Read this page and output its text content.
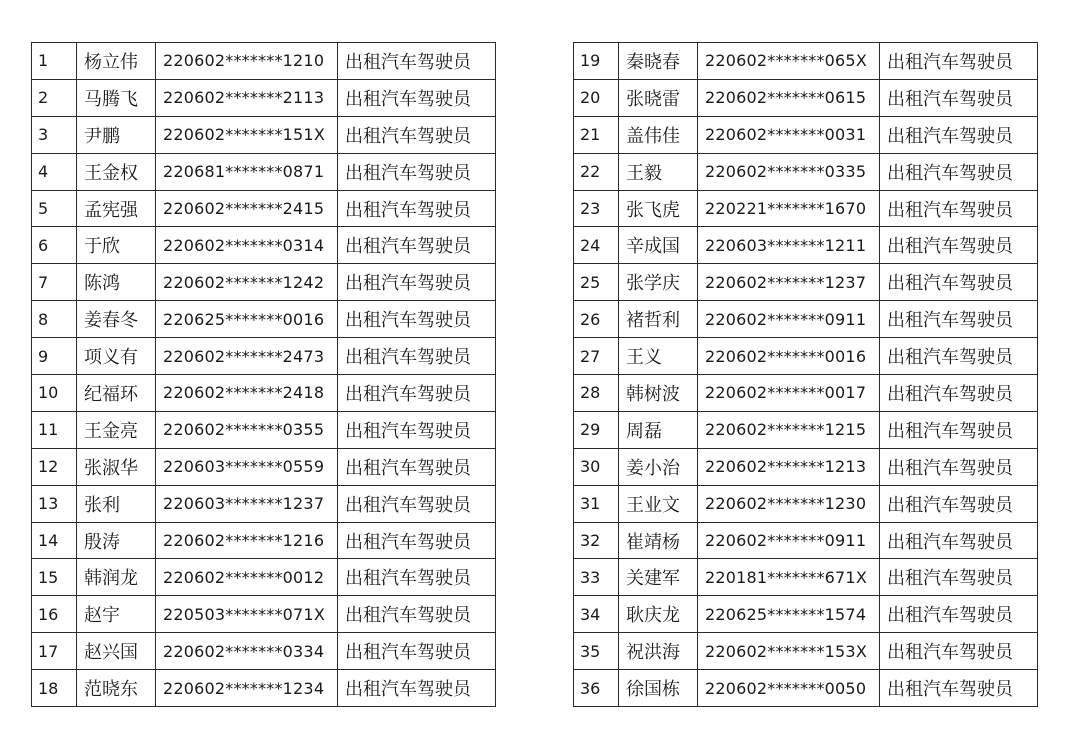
1	杨立伟	220602*******1210	出租汽车驾驶员
2	马腾飞	220602*******2113	出租汽车驾驶员
3	尹鹏	220602*******151X	出租汽车驾驶员
4	王金权	220681*******0871	出租汽车驾驶员
5	孟宪强	220602*******2415	出租汽车驾驶员
6	于欣	220602*******0314	出租汽车驾驶员
7	陈鸿	220602*******1242	出租汽车驾驶员
8	姜春冬	220625*******0016	出租汽车驾驶员
9	项义有	220602*******2473	出租汽车驾驶员
10	纪福环	220602*******2418	出租汽车驾驶员
11	王金亮	220602*******0355	出租汽车驾驶员
12	张淑华	220603*******0559	出租汽车驾驶员
13	张利	220603*******1237	出租汽车驾驶员
14	殷涛	220602*******1216	出租汽车驾驶员
15	韩润龙	220602*******0012	出租汽车驾驶员
16	赵宇	220503*******071X	出租汽车驾驶员
17	赵兴国	220602*******0334	出租汽车驾驶员
18	范晓东	220602*******1234	出租汽车驾驶员
19	秦晓春	220602*******065X	出租汽车驾驶员
20	张晓雷	220602*******0615	出租汽车驾驶员
21	盖伟佳	220602*******0031	出租汽车驾驶员
22	王毅	220602*******0335	出租汽车驾驶员
23	张飞虎	220221*******1670	出租汽车驾驶员
24	辛成国	220603*******1211	出租汽车驾驶员
25	张学庆	220602*******1237	出租汽车驾驶员
26	褚哲利	220602*******0911	出租汽车驾驶员
27	王义	220602*******0016	出租汽车驾驶员
28	韩树波	220602*******0017	出租汽车驾驶员
29	周磊	220602*******1215	出租汽车驾驶员
30	姜小治	220602*******1213	出租汽车驾驶员
31	王业文	220602*******1230	出租汽车驾驶员
32	崔靖杨	220602*******0911	出租汽车驾驶员
33	关建军	220181*******671X	出租汽车驾驶员
34	耿庆龙	220625*******1574	出租汽车驾驶员
35	祝洪海	220602*******153X	出租汽车驾驶员
36	徐国栋	220602*******0050	出租汽车驾驶员
